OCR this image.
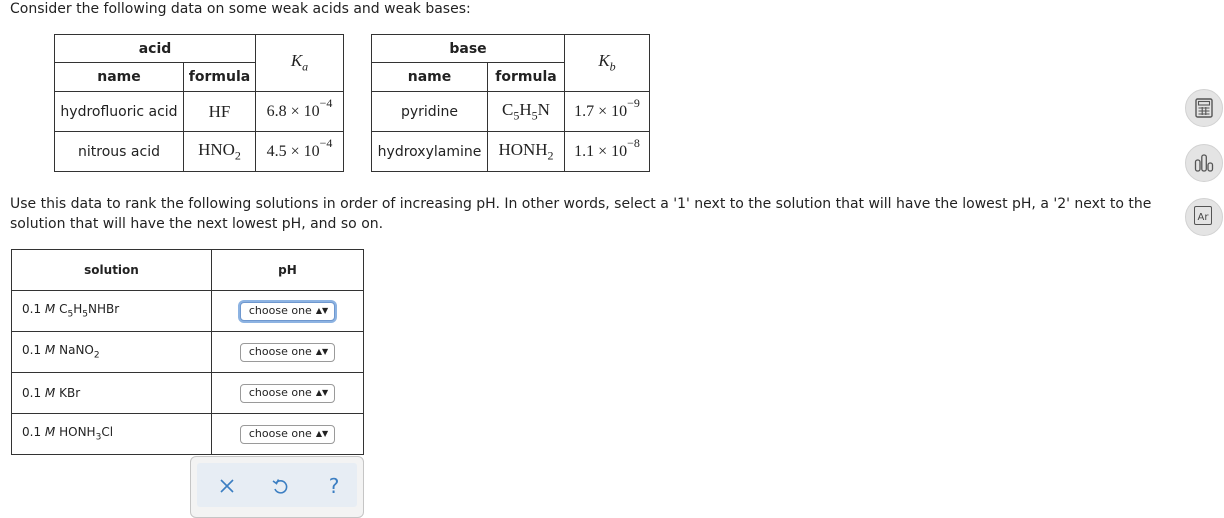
Consider the following data on some weak acids and weak bases:
acid		$K_a$
name	formula	
hydrofluoric acid	HF	$6.8 \times 10^{-4}$
nitrous acid	$HNO_2$	$4.5 \times 10^{-4}$
base		$K_b$
name	formula	
pyridine	$C_5H_5N$	$1.7 \times 10^{-9}$
hydroxylamine	$HONH_2$	$1.1 \times 10^{-8}$
Use this data to rank the following solutions in order of increasing pH. In other words, select a '1' next to the solution that will have the lowest pH, a '2' next to the solution that will have the next lowest pH, and so on.
solution	pH
0.1 M $C_5H_5NHBr$	choose one ▲▼
0.1 M NaNO$_2$	choose one ▲▼
0.1 M KBr	choose one ▲▼
0.1 M $HONH_3Cl$	choose one ▲▼
?
Ar
